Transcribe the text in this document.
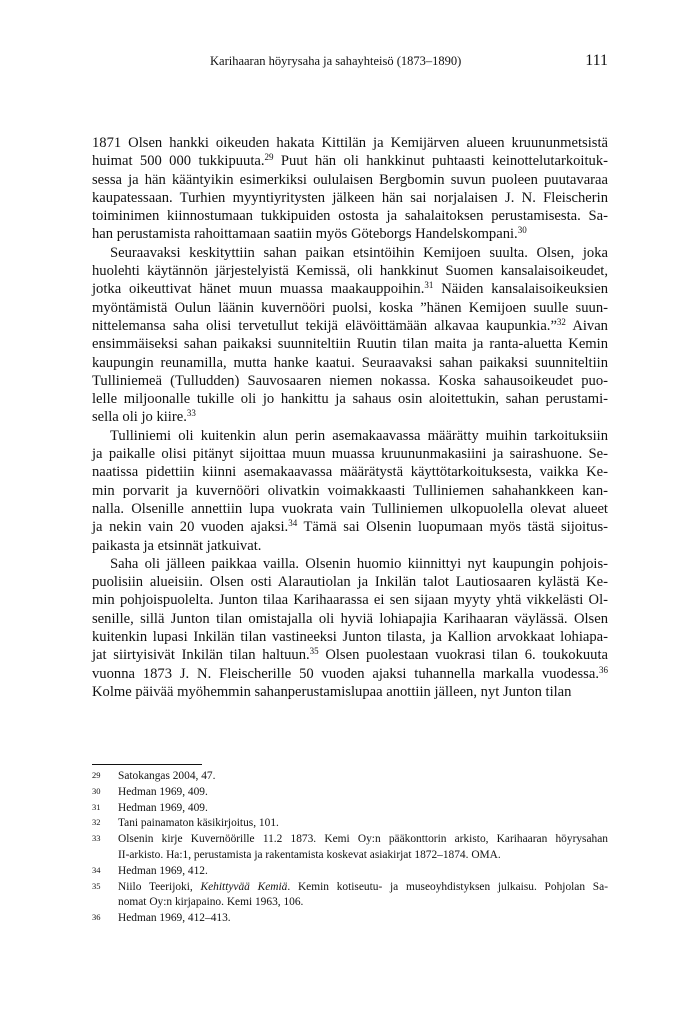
Karihaaran höyrysaha ja sahayhteisö (1873–1890)	111
1871 Olsen hankki oikeuden hakata Kittilän ja Kemijärven alueen kruununmetsistä
huimat 500 000 tukkipuuta.$^{29}$ Puut hän oli hankkinut puhtaasti keinottelutarkoituk-
sessa ja hän kääntyikin esimerkiksi oululaisen Bergbomin suvun puoleen puutavaraa
kaupatessaan. Turhien myyntiyritysten jälkeen hän sai norjalaisen J. N. Fleischerin
toiminimen kiinnostumaan tukkipuiden ostosta ja sahalaitoksen perustamisesta. Sa-
han perustamista rahoittamaan saatiin myös Göteborgs Handelskompani.$^{30}$
Seuraavaksi keskityttiin sahan paikan etsintöihin Kemijoen suulta. Olsen, joka
huolehti käytännön järjestelyistä Kemissä, oli hankkinut Suomen kansalaisoikeudet,
jotka oikeuttivat hänet muun muassa maakauppoihin.$^{31}$ Näiden kansalaisoikeuksien
myöntämistä Oulun läänin kuvernööri puolsi, koska ”hänen Kemijoen suulle suun-
nittelemansa saha olisi tervetullut tekijä elävöittämään alkavaa kaupunkia.”$^{32}$ Aivan
ensimmäiseksi sahan paikaksi suunniteltiin Ruutin tilan maita ja ranta-aluetta Kemin
kaupungin reunamilla, mutta hanke kaatui. Seuraavaksi sahan paikaksi suunniteltiin
Tulliniemeä (Tulludden) Sauvosaaren niemen nokassa. Koska sahausoikeudet puo-
lelle miljoonalle tukille oli jo hankittu ja sahaus osin aloitettukin, sahan perustami-
sella oli jo kiire.$^{33}$
Tulliniemi oli kuitenkin alun perin asemakaavassa määrätty muihin tarkoituksiin
ja paikalle olisi pitänyt sijoittaa muun muassa kruununmakasiini ja sairashuone. Se-
naatissa pidettiin kiinni asemakaavassa määrätystä käyttötarkoituksesta, vaikka Ke-
min porvarit ja kuvernööri olivatkin voimakkaasti Tulliniemen sahahankkeen kan-
nalla. Olsenille annettiin lupa vuokrata vain Tulliniemen ulkopuolella olevat alueet
ja nekin vain 20 vuoden ajaksi.$^{34}$ Tämä sai Olsenin luopumaan myös tästä sijoitus-
paikasta ja etsinnät jatkuivat.
Saha oli jälleen paikkaa vailla. Olsenin huomio kiinnittyi nyt kaupungin pohjois-
puolisiin alueisiin. Olsen osti Alarautiolan ja Inkilän talot Lautiosaaren kylästä Ke-
min pohjoispuolelta. Junton tilaa Karihaarassa ei sen sijaan myyty yhtä vikkelästi Ol-
senille, sillä Junton tilan omistajalla oli hyviä lohiapajia Karihaaran väylässä. Olsen
kuitenkin lupasi Inkilän tilan vastineeksi Junton tilasta, ja Kallion arvokkaat lohiapa-
jat siirtyisivät Inkilän tilan haltuun.$^{35}$ Olsen puolestaan vuokrasi tilan 6. toukokuuta
vuonna 1873 J. N. Fleischerille 50 vuoden ajaksi tuhannella markalla vuodessa.$^{36}$
Kolme päivää myöhemmin sahanperustamislupaa anottiin jälleen, nyt Junton tilan
29	Satokangas 2004, 47.
30	Hedman 1969, 409.
31	Hedman 1969, 409.
32	Tani painamaton käsikirjoitus, 101.
33	Olsenin kirje Kuvernöörille 11.2 1873. Kemi Oy:n pääkonttorin arkisto, Karihaaran höyrysahan
II-arkisto. Ha:1, perustamista ja rakentamista koskevat asiakirjat 1872–1874. OMA.
34	Hedman 1969, 412.
35	Niilo Teerijoki, Kehittyvää Kemiä. Kemin kotiseutu- ja museoyhdistyksen julkaisu. Pohjolan Sa-
nomat Oy:n kirjapaino. Kemi 1963, 106.
36	Hedman 1969, 412–413.
